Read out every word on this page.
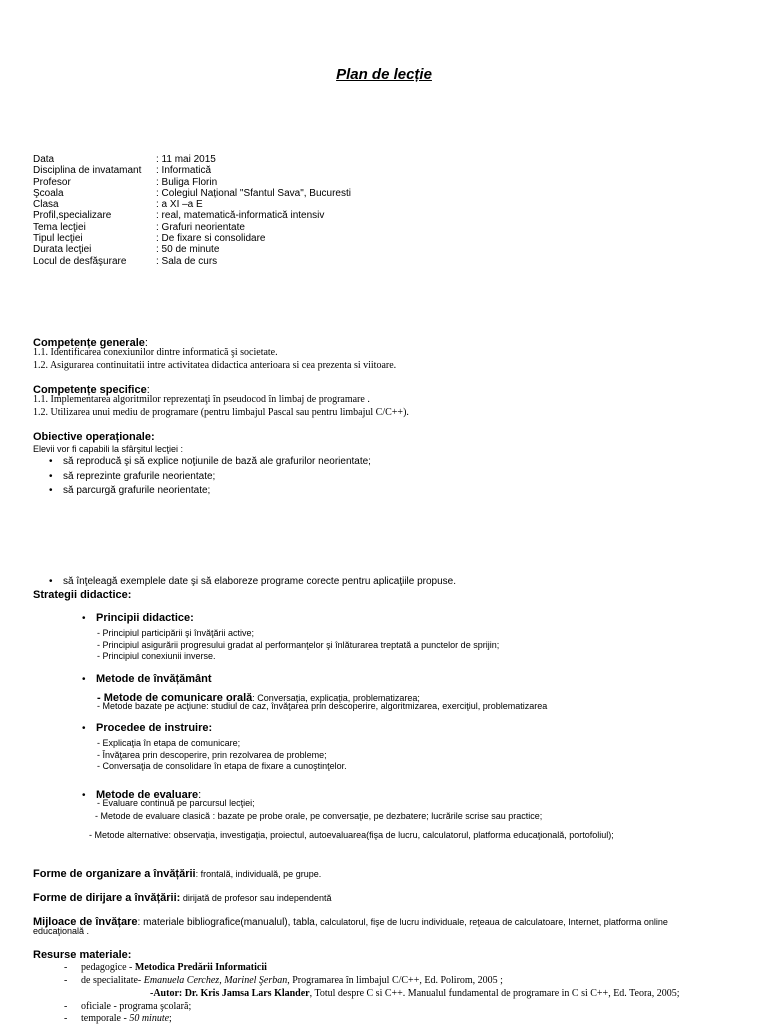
Plan de lecție
Data	: 11 mai 2015
Disciplina de invatamant	: Informatică
Profesor	: Buliga Florin
Şcoala	: Colegiul Național "Sfantul Sava", Bucuresti
Clasa	: a XI –a E
Profil,specializare	: real, matematică-informatică intensiv
Tema lecţiei	: Grafuri neorientate
Tipul lecţiei	: De fixare si consolidare
Durata lecţiei	: 50 de minute
Locul de desfăşurare	: Sala de curs
Competențe generale:
1.1. Identificarea conexiunilor dintre informatică şi societate.
1.2. Asigurarea continuitatii intre activitatea didactica anterioara si cea prezenta si viitoare.
Competențe specifice:
1.1. Implementarea algoritmilor reprezentaţi în pseudocod în limbaj de programare .
1.2. Utilizarea unui mediu de programare (pentru limbajul Pascal sau pentru limbajul C/C++).
Obiective operaționale:
Elevii vor fi capabili la sfârşitul lecţiei :
• să reproducă şi să explice noţiunile de bază ale grafurilor neorientate;
• să reprezinte grafurile neorientate;
• să parcurgă grafurile neorientate;
• să înţeleagă exemplele date şi să elaboreze programe corecte pentru aplicaţiile propuse.
Strategii didactice:
• Principii didactice:
- Principiul participării şi învăţării active;
- Principiul asigurării progresului gradat al performanţelor şi înlăturarea treptată a punctelor de sprijin;
- Principiul conexiunii inverse.
• Metode de învățământ
- Metode de comunicare orală: Conversaţia, explicaţia, problematizarea;
- Metode bazate pe acţiune: studiul de caz, învăţarea prin descoperire, algoritmizarea, exerciţiul, problematizarea
• Procedee de instruire:
- Explicaţia în etapa de comunicare;
- Învăţarea prin descoperire, prin rezolvarea de probleme;
- Conversaţia de consolidare în etapa de fixare a cunoştinţelor.
• Metode de evaluare:
- Evaluare continuă pe parcursul lecţiei;
- Metode de evaluare clasică : bazate pe probe orale, pe conversaţie, pe dezbatere; lucrările scrise sau practice;
- Metode alternative: observaţia, investigaţia, proiectul, autoevaluarea(fişa de lucru, calculatorul, platforma educaţională, portofoliul);
Forme de organizare a învățării: frontală, individuală, pe grupe.
Forme de dirijare a învățării: dirijată de profesor sau independentă
Mijloace de învățare: materiale bibliografice(manualul), tabla, calculatorul, fişe de lucru individuale, reţeaua de calculatoare, Internet, platforma online
educaţională .
Resurse materiale:
- pedagogice - Metodica Predării Informaticii
- de specialitate- Emanuela Cerchez, Marinel Şerban, Programarea în limbajul C/C++, Ed. Polirom, 2005 ;
-Autor: Dr. Kris Jamsa Lars Klander, Totul despre C si C++. Manualul fundamental de programare in C si C++, Ed. Teora, 2005;
- oficiale - programa şcolară;
- temporale - 50 minute;
